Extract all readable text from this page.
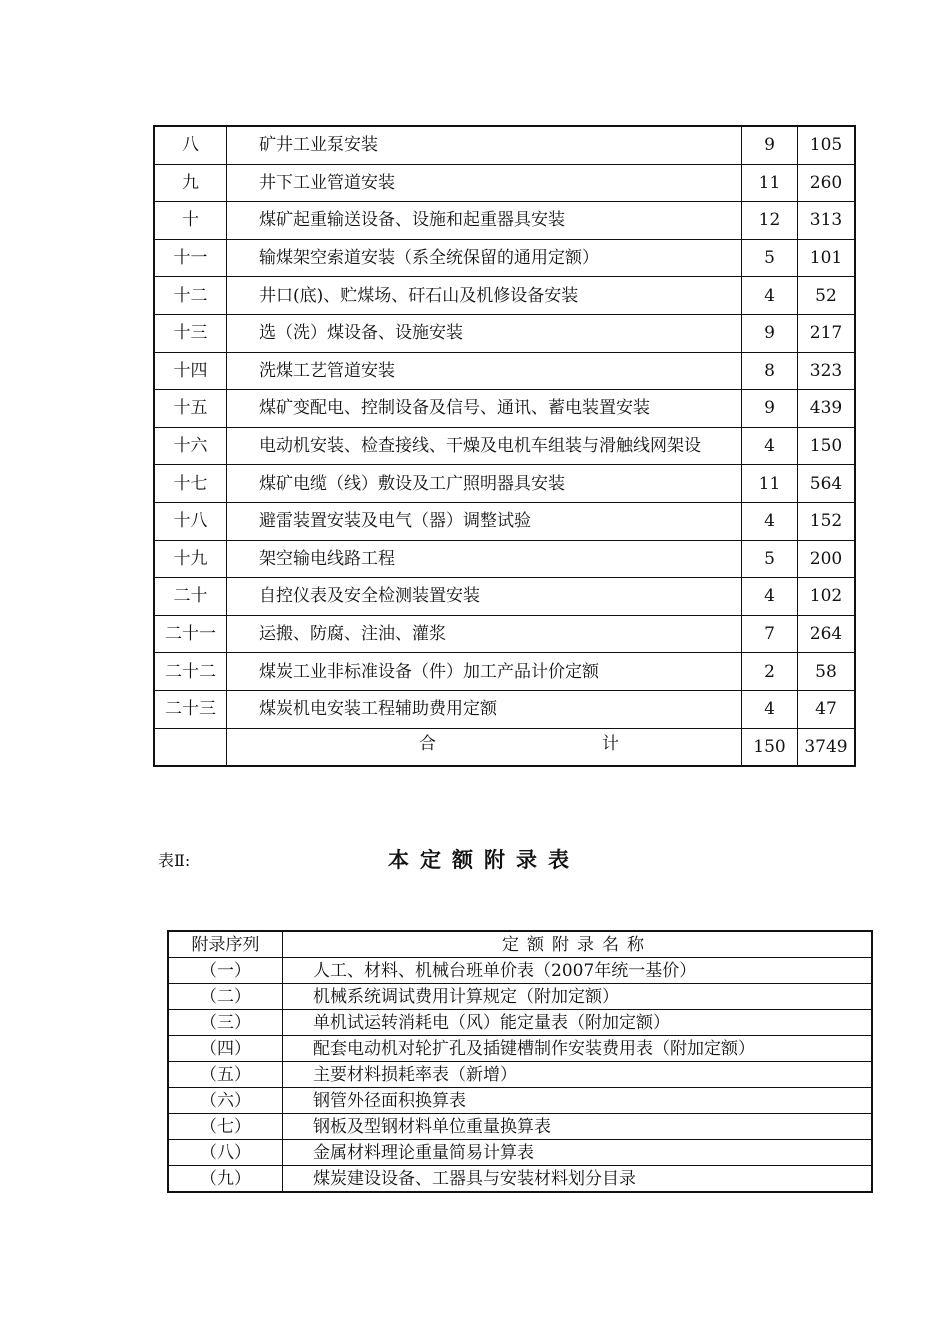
八	矿井工业泵安装	9	105
九	井下工业管道安装	11	260
十	煤矿起重输送设备、设施和起重器具安装	12	313
十一	输煤架空索道安装（系全统保留的通用定额）	5	101
十二	井口(底)、贮煤场、矸石山及机修设备安装	4	52
十三	选（洗）煤设备、设施安装	9	217
十四	洗煤工艺管道安装	8	323
十五	煤矿变配电、控制设备及信号、通讯、蓄电装置安装	9	439
十六	电动机安装、检查接线、干燥及电机车组装与滑触线网架设	4	150
十七	煤矿电缆（线）敷设及工广照明器具安装	11	564
十八	避雷装置安装及电气（器）调整试验	4	152
十九	架空输电线路工程	5	200
二十	自控仪表及安全检测装置安装	4	102
二十一	运搬、防腐、注油、灌浆	7	264
二十二	煤炭工业非标准设备（件）加工产品计价定额	2	58
二十三	煤炭机电安装工程辅助费用定额	4	47

	合 计	150	3749
表Ⅱ:	本定额附录表
附录序列	定额附录名称
（一）	人工、材料、机械台班单价表（2007年统一基价）
（二）	机械系统调试费用计算规定（附加定额）
（三）	单机试运转消耗电（风）能定量表（附加定额）
（四）	配套电动机对轮扩孔及插键槽制作安装费用表（附加定额）
（五）	主要材料损耗率表（新增）
（六）	钢管外径面积换算表
（七）	钢板及型钢材料单位重量换算表
（八）	金属材料理论重量简易计算表
（九）	煤炭建设设备、工器具与安装材料划分目录
